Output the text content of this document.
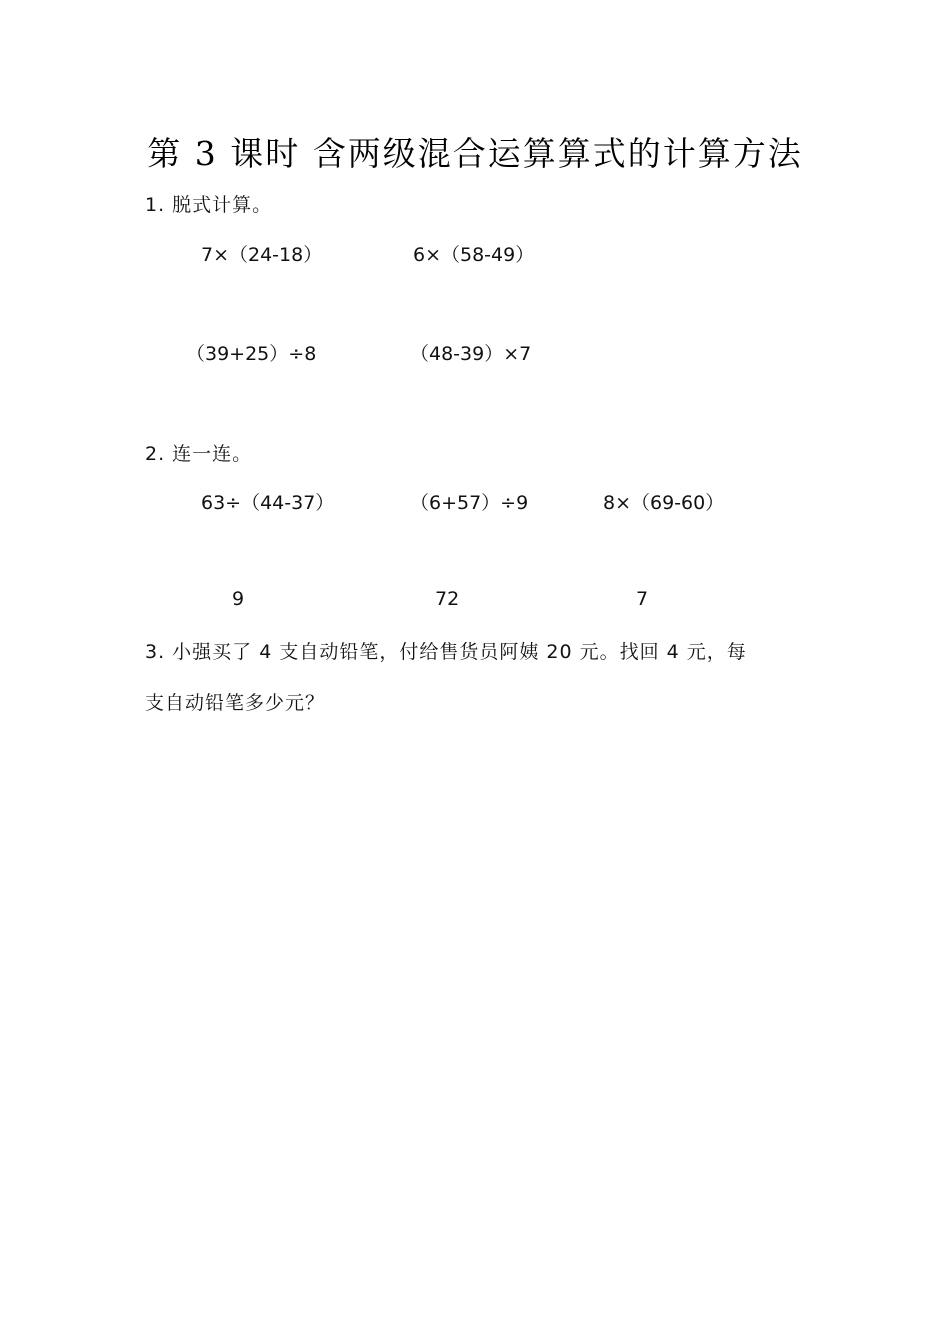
第 3 课时 含两级混合运算算式的计算方法
1. 脱式计算。
7×（24-18）	6×（58-49）
（39+25）÷8	（48-39）×7
2. 连一连。
63÷（44-37）	（6+57）÷9	8×（69-60）
9	72	7
3. 小强买了 4 支自动铅笔，付给售货员阿姨 20 元。找回 4 元，每
支自动铅笔多少元？
